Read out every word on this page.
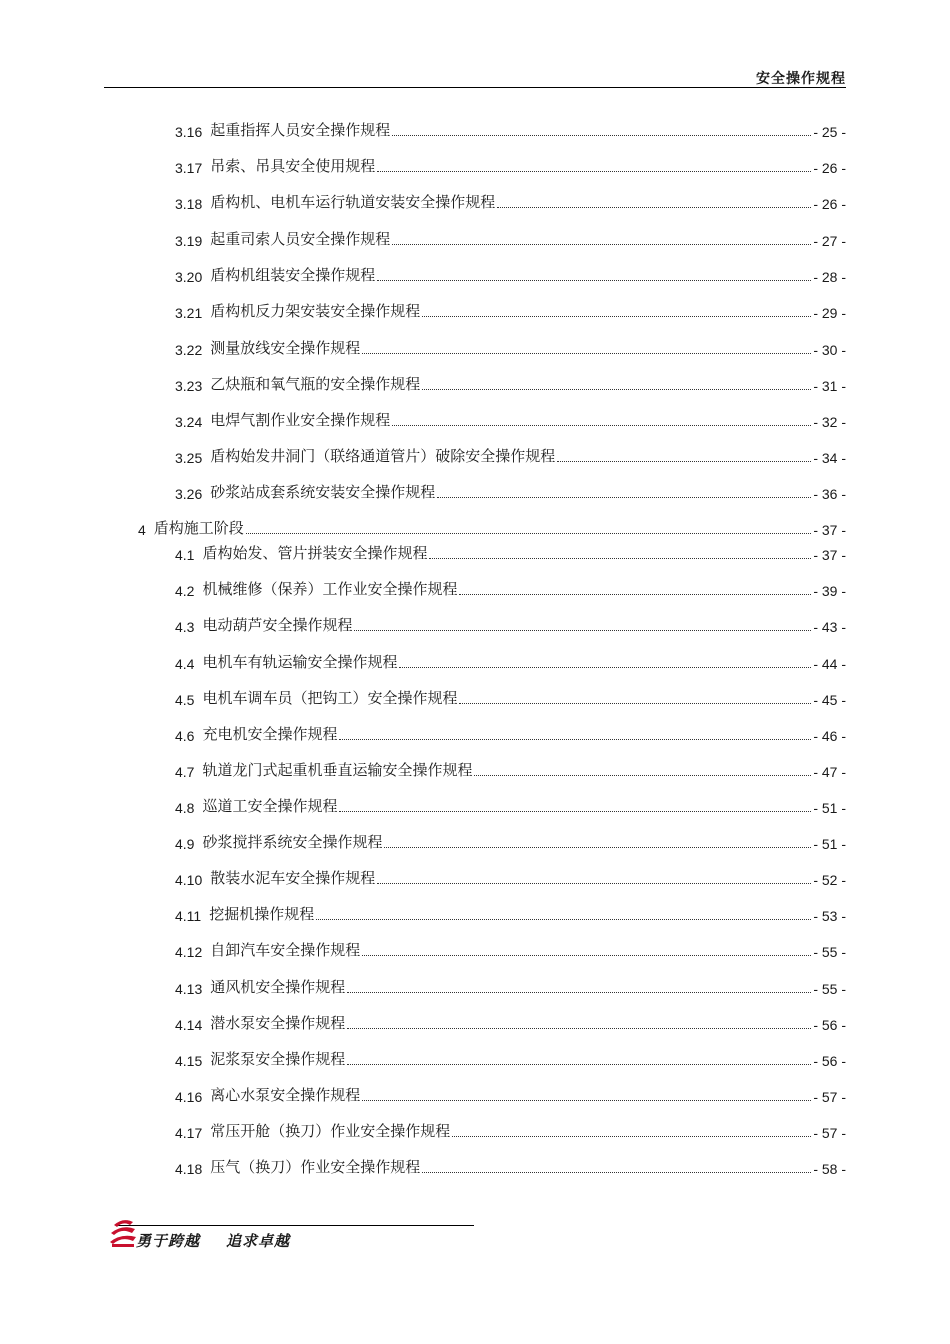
安全操作规程
3.16 起重指挥人员安全操作规程	- 25 -
3.17 吊索、吊具安全使用规程	- 26 -
3.18 盾构机、电机车运行轨道安装安全操作规程	- 26 -
3.19 起重司索人员安全操作规程	- 27 -
3.20 盾构机组装安全操作规程	- 28 -
3.21 盾构机反力架安装安全操作规程	- 29 -
3.22 测量放线安全操作规程	- 30 -
3.23 乙炔瓶和氧气瓶的安全操作规程	- 31 -
3.24 电焊气割作业安全操作规程	- 32 -
3.25 盾构始发井洞门（联络通道管片）破除安全操作规程	- 34 -
3.26 砂浆站成套系统安装安全操作规程	- 36 -
4 盾构施工阶段	- 37 -
4.1 盾构始发、管片拼装安全操作规程	- 37 -
4.2 机械维修（保养）工作业安全操作规程	- 39 -
4.3 电动葫芦安全操作规程	- 43 -
4.4 电机车有轨运输安全操作规程	- 44 -
4.5 电机车调车员（把钩工）安全操作规程	- 45 -
4.6 充电机安全操作规程	- 46 -
4.7 轨道龙门式起重机垂直运输安全操作规程	- 47 -
4.8 巡道工安全操作规程	- 51 -
4.9 砂浆搅拌系统安全操作规程	- 51 -
4.10 散装水泥车安全操作规程	- 52 -
4.11 挖掘机操作规程	- 53 -
4.12 自卸汽车安全操作规程	- 55 -
4.13 通风机安全操作规程	- 55 -
4.14 潜水泵安全操作规程	- 56 -
4.15 泥浆泵安全操作规程	- 56 -
4.16 离心水泵安全操作规程	- 57 -
4.17 常压开舱（换刀）作业安全操作规程	- 57 -
4.18 压气（换刀）作业安全操作规程	- 58 -
勇于跨越 追求卓越
